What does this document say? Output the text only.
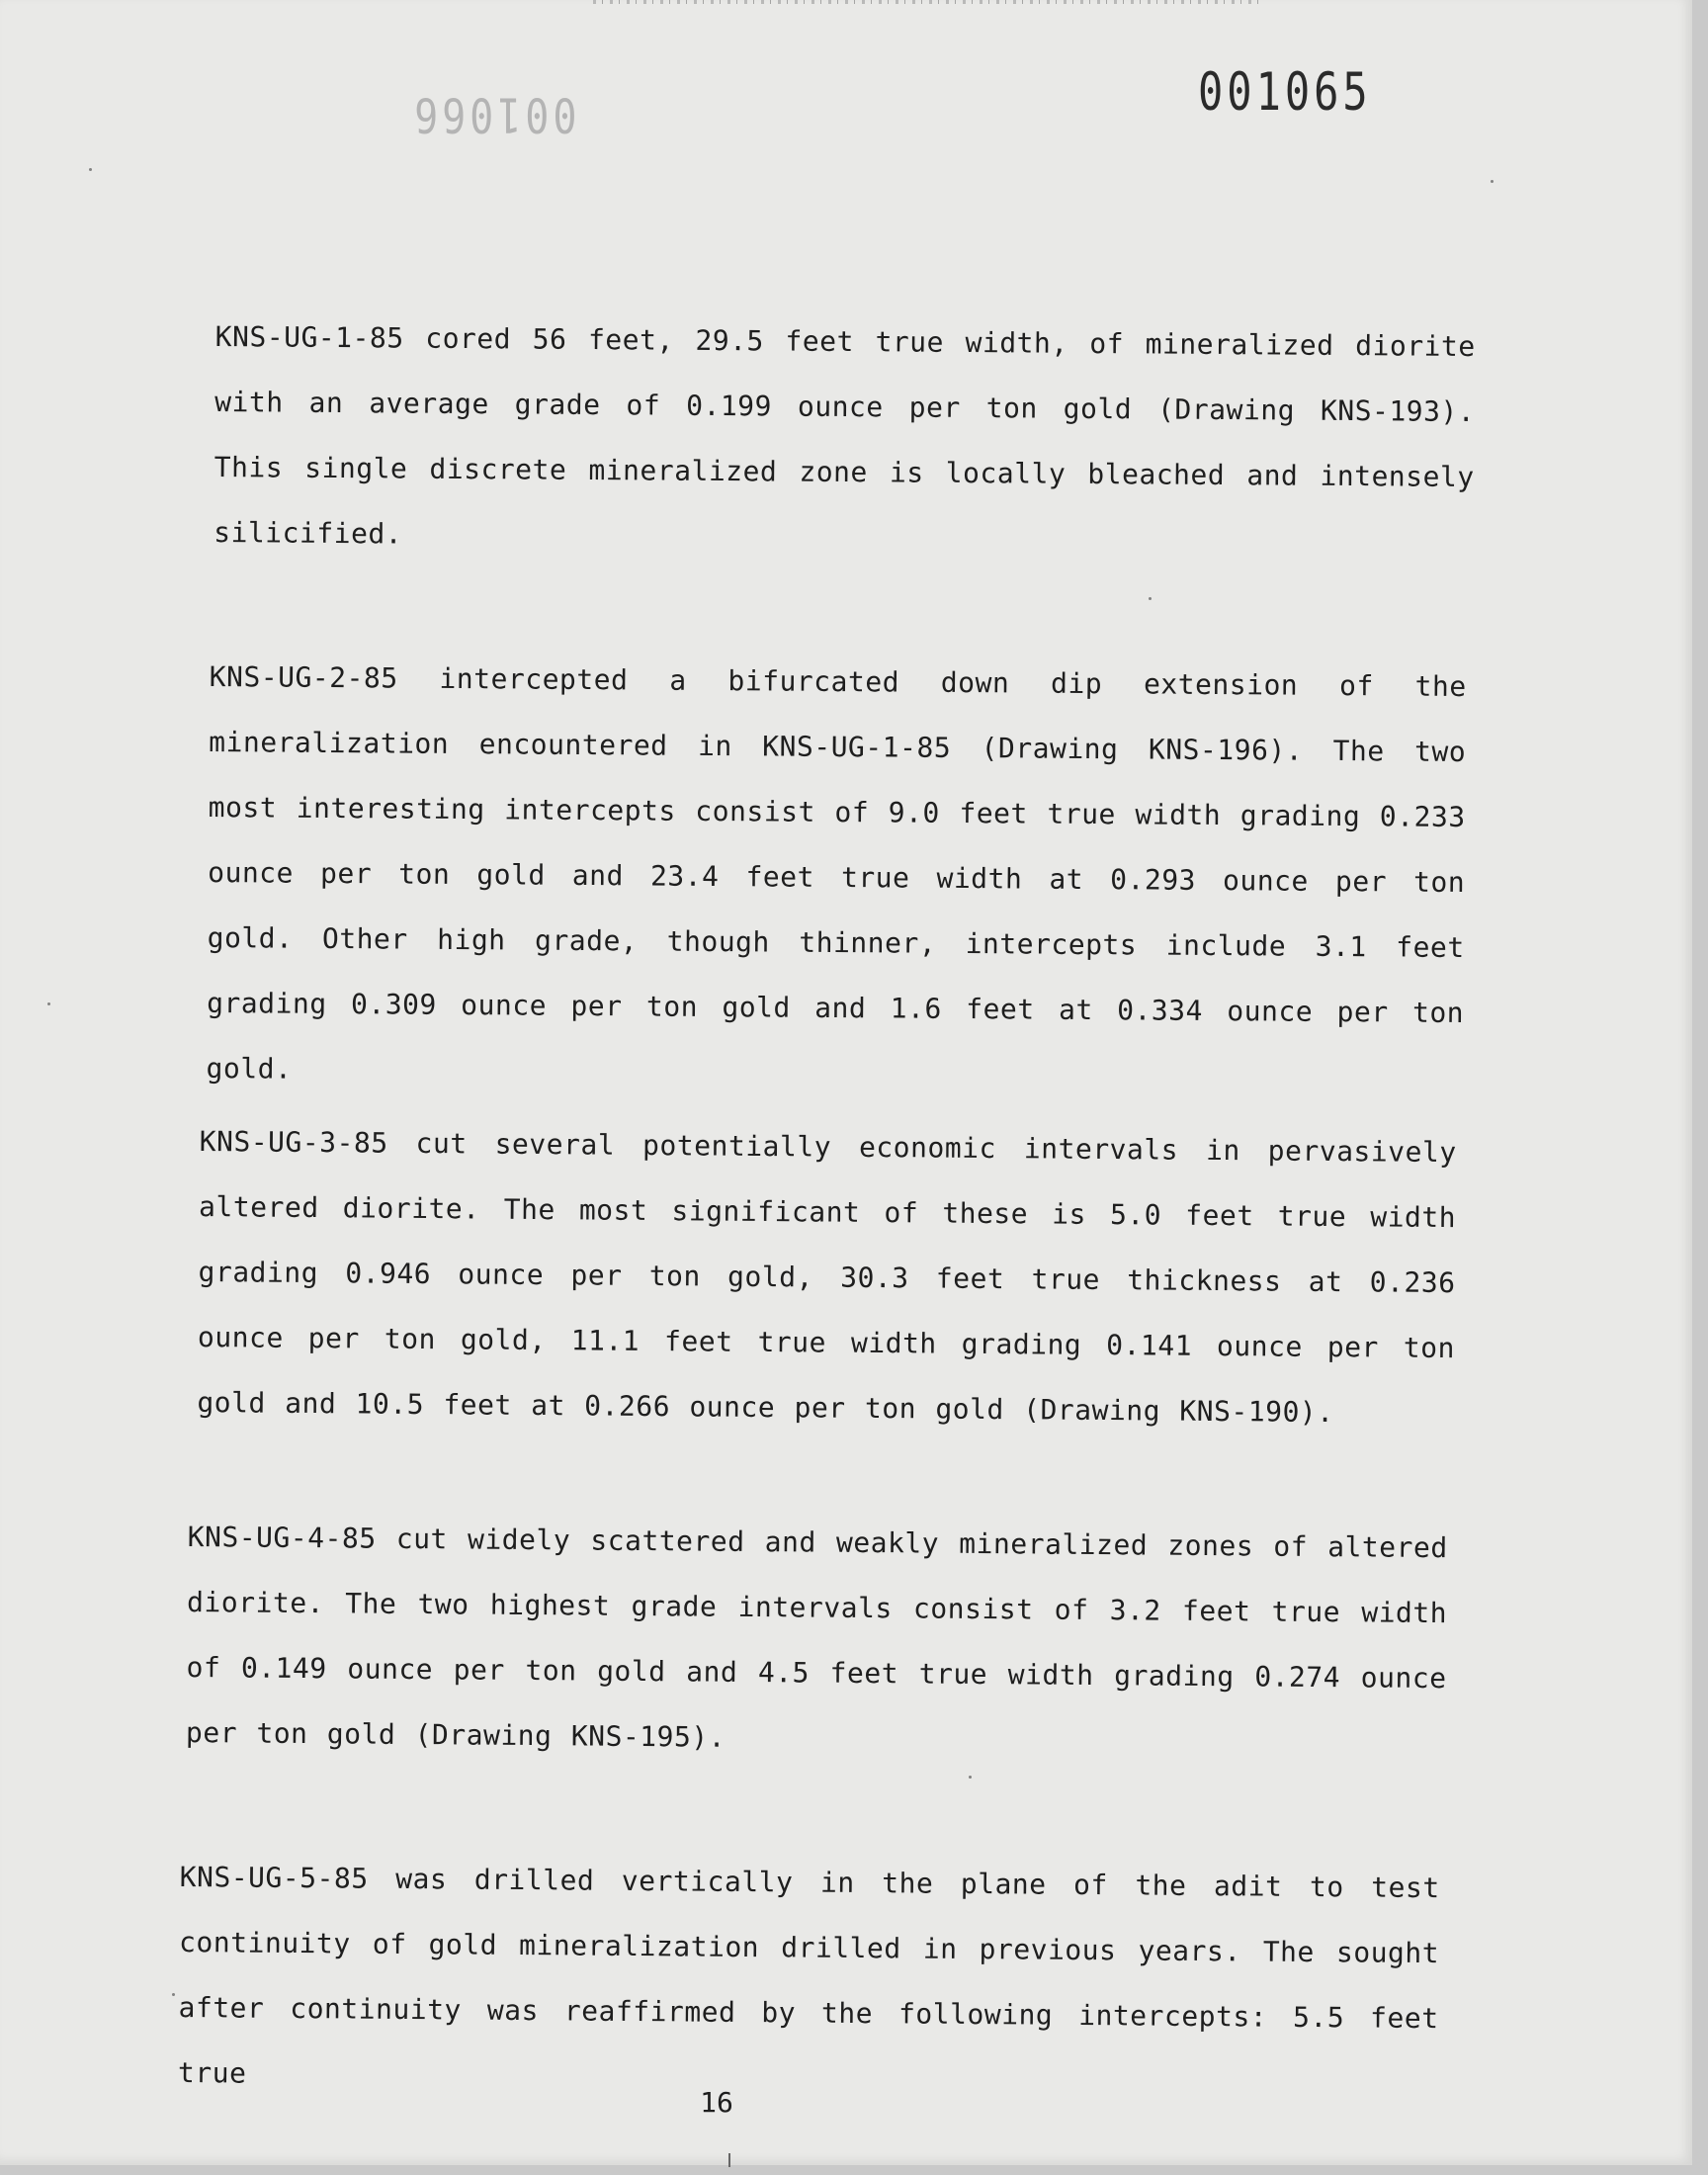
001065
001066

KNS-UG-1-85 cored 56 feet, 29.5 feet true width, of mineralized diorite with an average grade of 0.199 ounce per ton gold (Drawing KNS-193). This single discrete mineralized zone is locally bleached and intensely silicified.

KNS-UG-2-85 intercepted a bifurcated down dip extension of the mineralization encountered in KNS-UG-1-85 (Drawing KNS-196). The two most interesting intercepts consist of 9.0 feet true width grading 0.233 ounce per ton gold and 23.4 feet true width at 0.293 ounce per ton gold. Other high grade, though thinner, intercepts include 3.1 feet grading 0.309 ounce per ton gold and 1.6 feet at 0.334 ounce per ton gold.

KNS-UG-3-85 cut several potentially economic intervals in pervasively altered diorite. The most significant of these is 5.0 feet true width grading 0.946 ounce per ton gold, 30.3 feet true thickness at 0.236 ounce per ton gold, 11.1 feet true width grading 0.141 ounce per ton gold and 10.5 feet at 0.266 ounce per ton gold (Drawing KNS-190).

KNS-UG-4-85 cut widely scattered and weakly mineralized zones of altered diorite. The two highest grade intervals consist of 3.2 feet true width of 0.149 ounce per ton gold and 4.5 feet true width grading 0.274 ounce per ton gold (Drawing KNS-195).

KNS-UG-5-85 was drilled vertically in the plane of the adit to test continuity of gold mineralization drilled in previous years. The sought after continuity was reaffirmed by the following intercepts: 5.5 feet true

16
